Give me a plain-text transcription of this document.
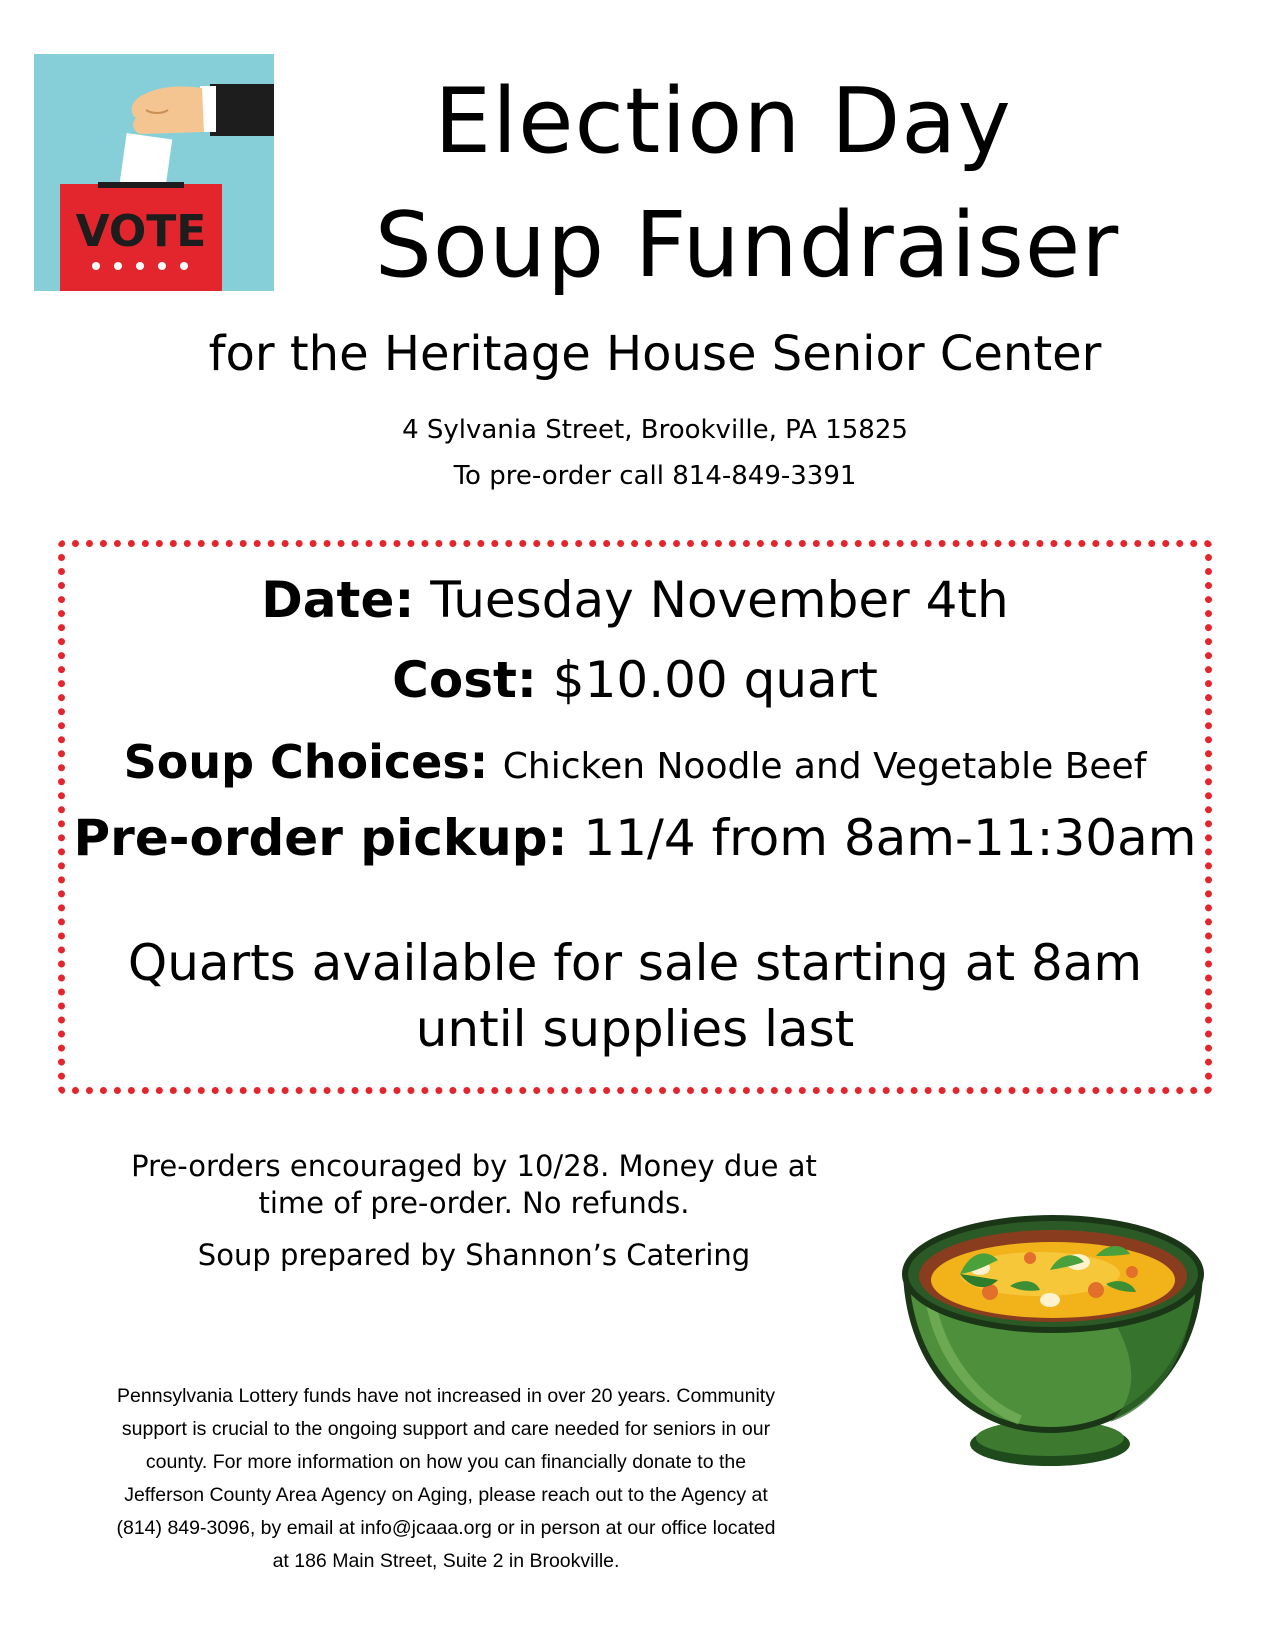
VOTE
Election Day
Soup Fundraiser
for the Heritage House Senior Center
4 Sylvania Street, Brookville, PA 15825
To pre-order call 814-849-3391
Date: Tuesday November 4th
Cost: $10.00 quart
Soup Choices: Chicken Noodle and Vegetable Beef
Pre-order pickup: 11/4 from 8am-11:30am
Quarts available for sale starting at 8am
until supplies last
Pre-orders encouraged by 10/28. Money due at
time of pre-order. No refunds.
Soup prepared by Shannon’s Catering
Pennsylvania Lottery funds have not increased in over 20 years. Community
support is crucial to the ongoing support and care needed for seniors in our
county. For more information on how you can financially donate to the
Jefferson County Area Agency on Aging, please reach out to the Agency at
(814) 849-3096, by email at info@jcaaa.org or in person at our office located
at 186 Main Street, Suite 2 in Brookville.
